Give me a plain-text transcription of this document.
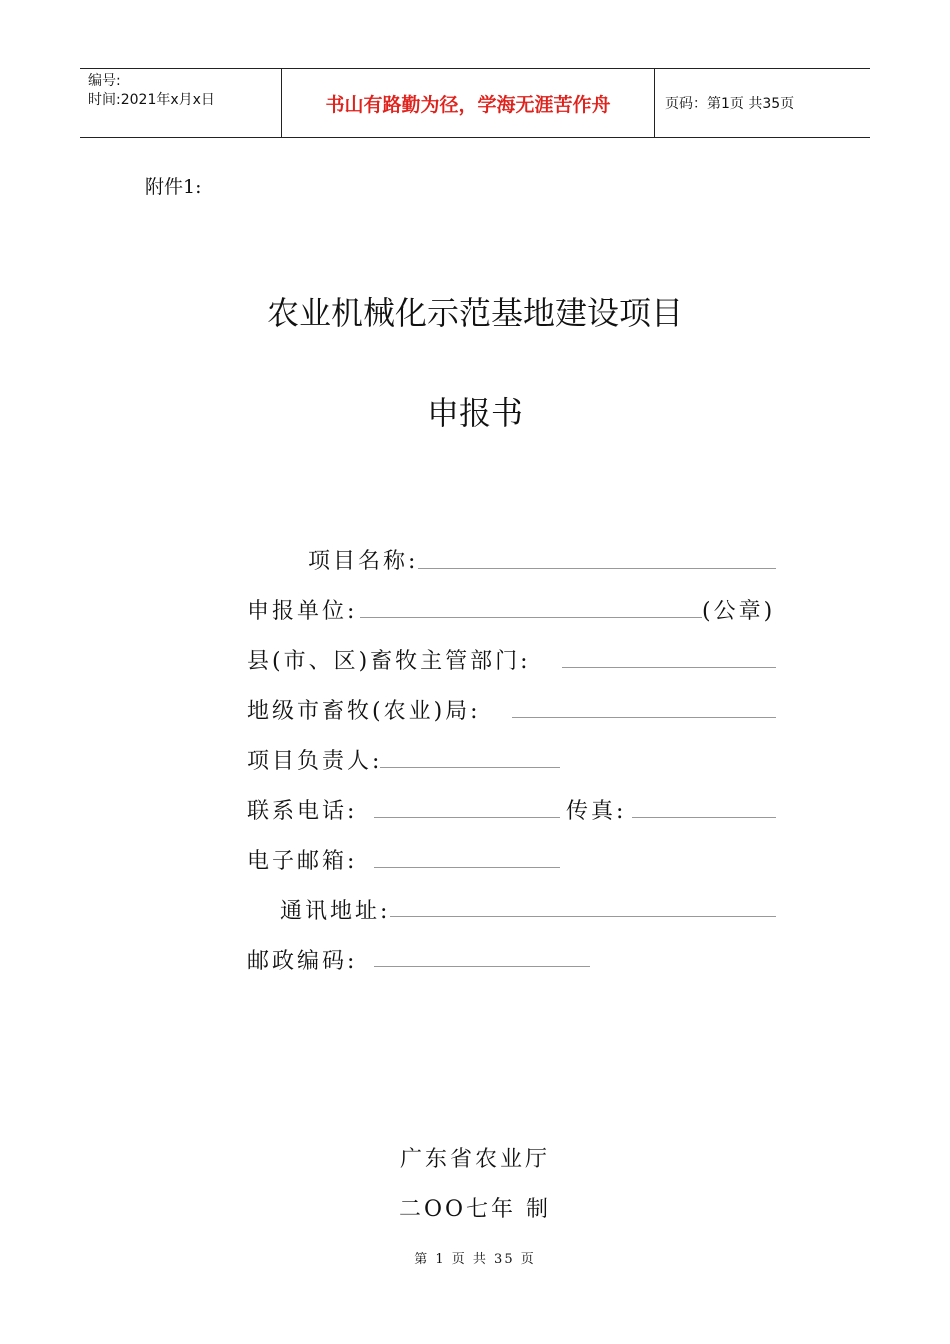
编号:
时间:2021年x月x日	书山有路勤为径，学海无涯苦作舟	页码：第1页 共35页
附件1:
农业机械化示范基地建设项目
申报书
项目名称:
申报单位:	(公章)
县(市、区)畜牧主管部门:
地级市畜牧(农业)局:
项目负责人:
联系电话:	传真:
电子邮箱:
通讯地址:
邮政编码:
广东省农业厅
二OO七年 制
第 1 页 共 35 页
